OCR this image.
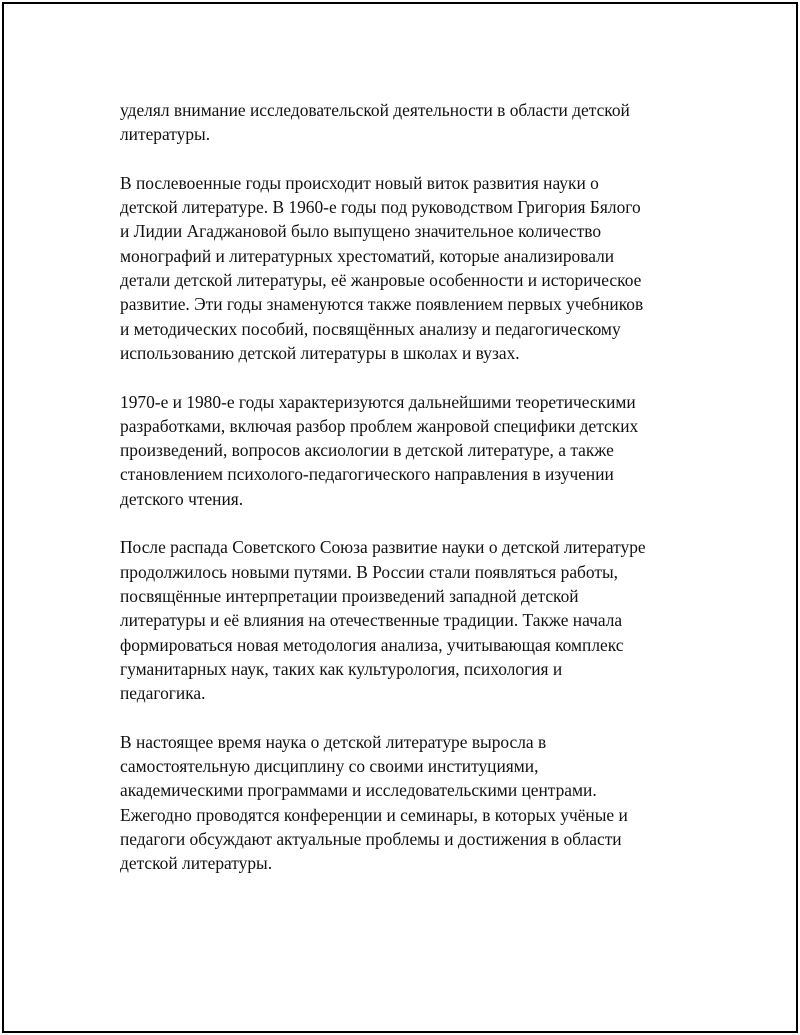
уделял внимание исследовательской деятельности в области детской
литературы.

В послевоенные годы происходит новый виток развития науки о
детской литературе. В 1960-е годы под руководством Григория Бялого
и Лидии Агаджановой было выпущено значительное количество
монографий и литературных хрестоматий, которые анализировали
детали детской литературы, её жанровые особенности и историческое
развитие. Эти годы знаменуются также появлением первых учебников
и методических пособий, посвящённых анализу и педагогическому
использованию детской литературы в школах и вузах.

1970-е и 1980-е годы характеризуются дальнейшими теоретическими
разработками, включая разбор проблем жанровой специфики детских
произведений, вопросов аксиологии в детской литературе, а также
становлением психолого-педагогического направления в изучении
детского чтения.

После распада Советского Союза развитие науки о детской литературе
продолжилось новыми путями. В России стали появляться работы,
посвящённые интерпретации произведений западной детской
литературы и её влияния на отечественные традиции. Также начала
формироваться новая методология анализа, учитывающая комплекс
гуманитарных наук, таких как культурология, психология и
педагогика.

В настоящее время наука о детской литературе выросла в
самостоятельную дисциплину со своими институциями,
академическими программами и исследовательскими центрами.
Ежегодно проводятся конференции и семинары, в которых учёные и
педагоги обсуждают актуальные проблемы и достижения в области
детской литературы.
